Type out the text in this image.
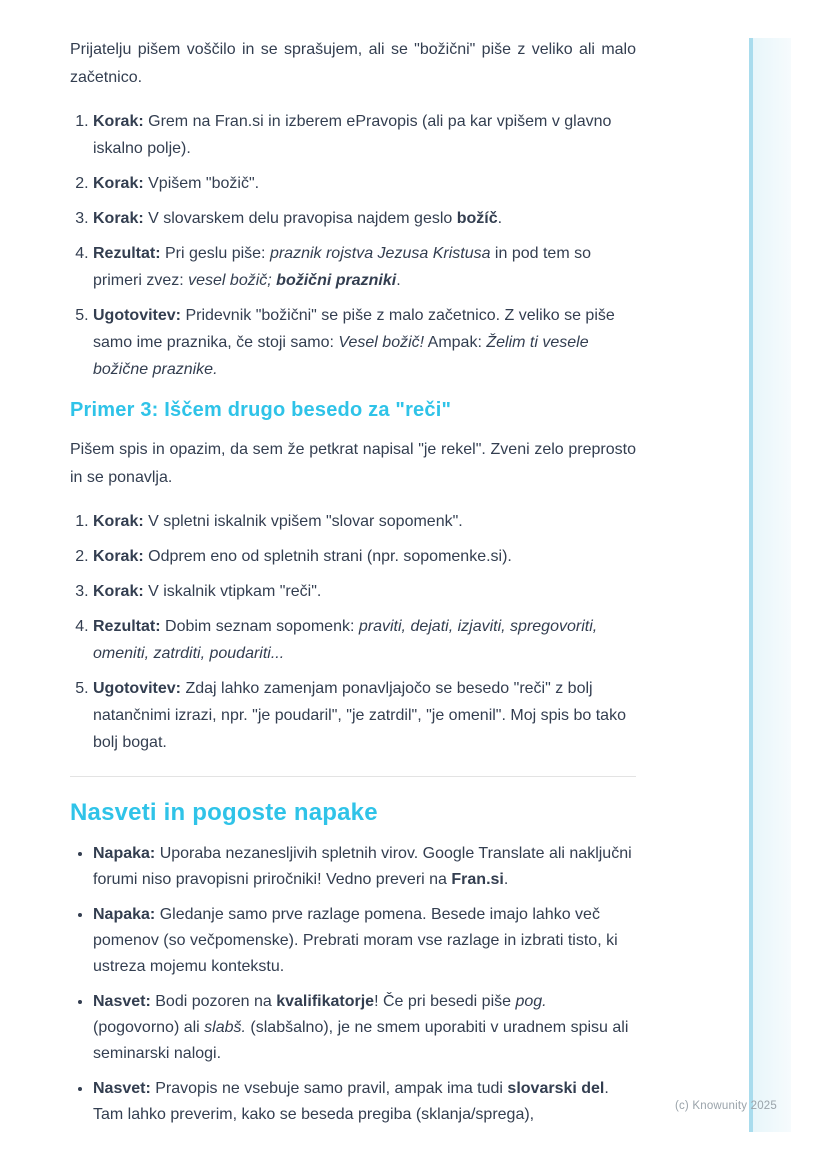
(c) Knowunity 2025

Prijatelju pišem voščilo in se sprašujem, ali se "božični" piše z veliko ali malo začetnico.

1. Korak: Grem na Fran.si in izberem ePravopis (ali pa kar vpišem v glavno iskalno polje).
2. Korak: Vpišem "božič".
3. Korak: V slovarskem delu pravopisa najdem geslo božíč.
4. Rezultat: Pri geslu piše: praznik rojstva Jezusa Kristusa in pod tem so primeri zvez: vesel božič; božični prazniki.
5. Ugotovitev: Pridevnik "božični" se piše z malo začetnico. Z veliko se piše samo ime praznika, če stoji samo: Vesel božič! Ampak: Želim ti vesele božične praznike.
Primer 3: Iščem drugo besedo za "reči"

Pišem spis in opazim, da sem že petkrat napisal "je rekel". Zveni zelo preprosto in se ponavlja.

1. Korak: V spletni iskalnik vpišem "slovar sopomenk".
2. Korak: Odprem eno od spletnih strani (npr. sopomenke.si).
3. Korak: V iskalnik vtipkam "reči".
4. Rezultat: Dobim seznam sopomenk: praviti, dejati, izjaviti, spregovoriti, omeniti, zatrditi, poudariti...
5. Ugotovitev: Zdaj lahko zamenjam ponavljajočo se besedo "reči" z bolj natančnimi izrazi, npr. "je poudaril", "je zatrdil", "je omenil". Moj spis bo tako bolj bogat.
Nasveti in pogoste napake
• Napaka: Uporaba nezanesljivih spletnih virov. Google Translate ali naključni forumi niso pravopisni priročniki! Vedno preveri na Fran.si.
• Napaka: Gledanje samo prve razlage pomena. Besede imajo lahko več pomenov (so večpomenske). Prebrati moram vse razlage in izbrati tisto, ki ustreza mojemu kontekstu.
• Nasvet: Bodi pozoren na kvalifikatorje! Če pri besedi piše pog. (pogovorno) ali slabš. (slabšalno), je ne smem uporabiti v uradnem spisu ali seminarski nalogi.
• Nasvet: Pravopis ne vsebuje samo pravil, ampak ima tudi slovarski del. Tam lahko preverim, kako se beseda pregiba (sklanja/sprega),
